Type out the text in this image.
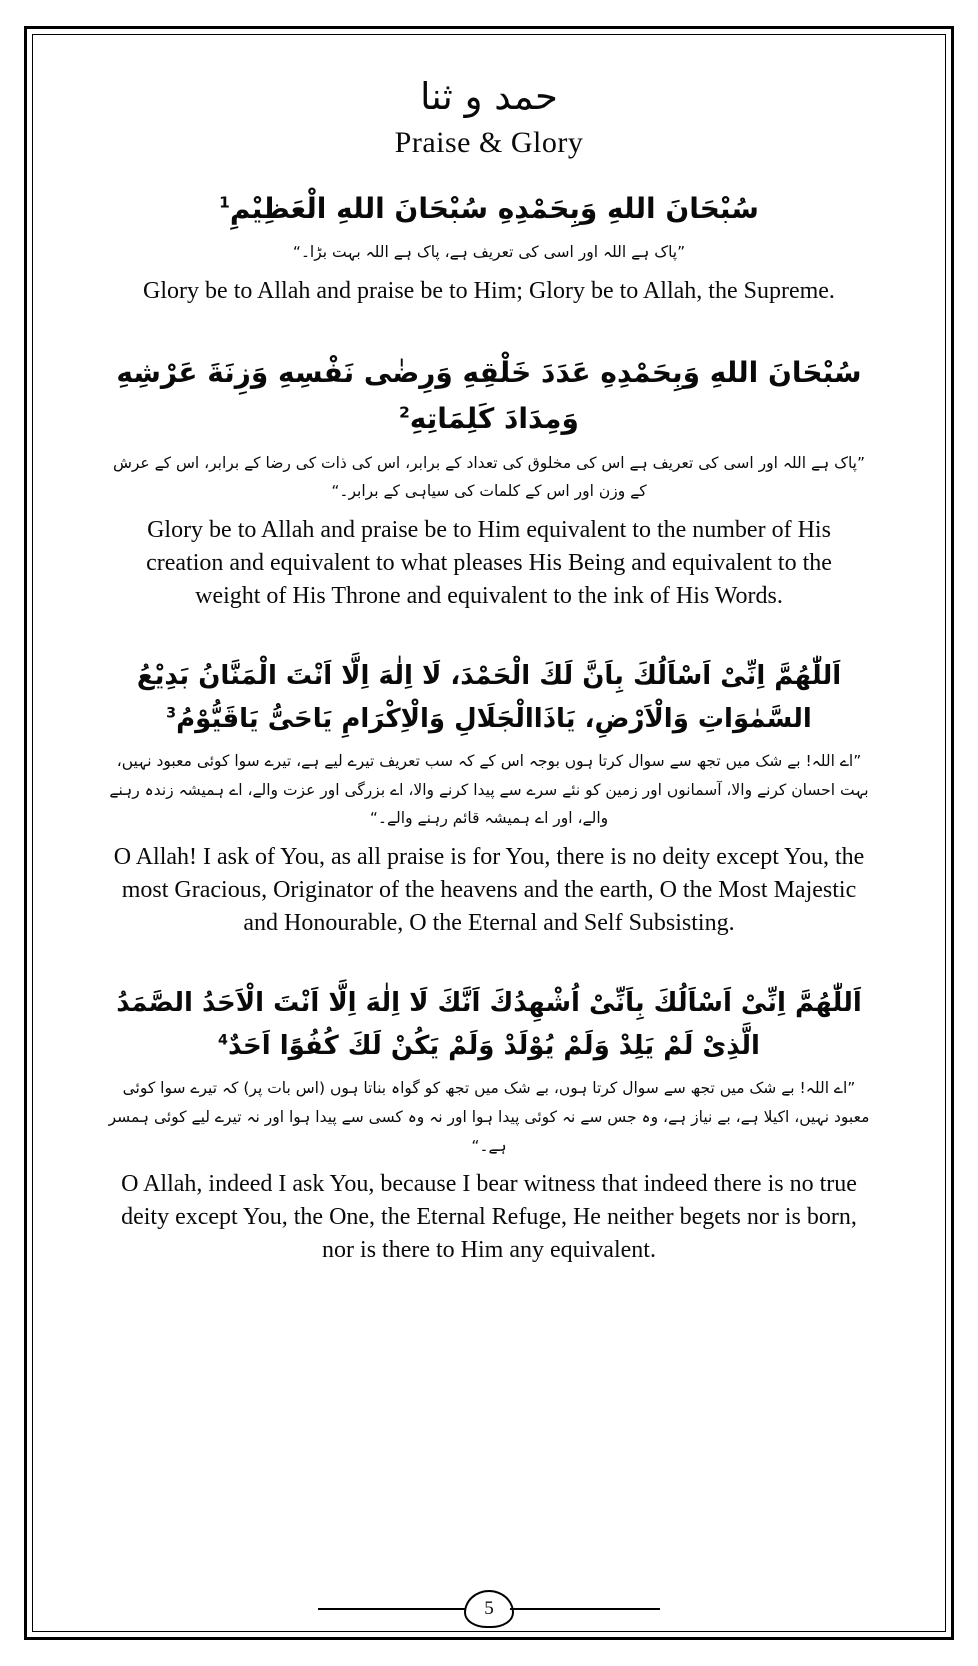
حمد و ثنا
Praise & Glory
سُبْحَانَ اللهِ وَبِحَمْدِهِ سُبْحَانَ اللهِ الْعَظِيْمِ$^1$
”پاک ہے اللہ اور اسی کی تعریف ہے، پاک ہے اللہ بہت بڑا۔“
Glory be to Allah and praise be to Him; Glory be to Allah, the Supreme.
سُبْحَانَ اللهِ وَبِحَمْدِهِ عَدَدَ خَلْقِهِ وَرِضٰى نَفْسِهِ وَزِنَةَ عَرْشِهِ وَمِدَادَ كَلِمَاتِهِ$^2$
”پاک ہے اللہ اور اسی کی تعریف ہے اس کی مخلوق کی تعداد کے برابر، اس کی ذات کی رضا کے برابر، اس کے عرش کے وزن اور اس کے کلمات کی سیاہی کے برابر۔“
Glory be to Allah and praise be to Him equivalent to the number of His creation and equivalent to what pleases His Being and equivalent to the weight of His Throne and equivalent to the ink of His Words.
اَللّٰهُمَّ اِنِّىْ اَسْاَلُكَ بِاَنَّ لَكَ الْحَمْدَ، لَا اِلٰهَ اِلَّا اَنْتَ الْمَنَّانُ بَدِيْعُ السَّمٰوَاتِ وَالْاَرْضِ، يَاذَاالْجَلَالِ وَالْاِكْرَامِ يَاحَىُّ يَاقَيُّوْمُ$^3$
”اے اللہ! بے شک میں تجھ سے سوال کرتا ہوں بوجہ اس کے کہ سب تعریف تیرے لیے ہے، تیرے سوا کوئی معبود نہیں، بہت احسان کرنے والا، آسمانوں اور زمین کو نئے سرے سے پیدا کرنے والا، اے بزرگی اور عزت والے، اے ہمیشہ زندہ رہنے والے، اور اے ہمیشہ قائم رہنے والے۔“
O Allah! I ask of You, as all praise is for You, there is no deity except You, the most Gracious, Originator of the heavens and the earth, O the Most Majestic and Honourable, O the Eternal and Self Subsisting.
اَللّٰهُمَّ اِنِّىْ اَسْاَلُكَ بِاَنِّىْ اُشْهِدُكَ اَنَّكَ لَا اِلٰهَ اِلَّا اَنْتَ الْاَحَدُ الصَّمَدُ الَّذِىْ لَمْ يَلِدْ وَلَمْ يُوْلَدْ وَلَمْ يَكُنْ لَكَ كُفُوًا اَحَدٌ$^4$
”اے اللہ! بے شک میں تجھ سے سوال کرتا ہوں، بے شک میں تجھ کو گواہ بناتا ہوں (اس بات پر) کہ تیرے سوا کوئی معبود نہیں، اکیلا ہے، بے نیاز ہے، وہ جس سے نہ کوئی پیدا ہوا اور نہ وہ کسی سے پیدا ہوا اور نہ تیرے لیے کوئی ہمسر ہے۔“
O Allah, indeed I ask You, because I bear witness that indeed there is no true deity except You, the One, the Eternal Refuge, He neither begets nor is born, nor is there to Him any equivalent.
5
